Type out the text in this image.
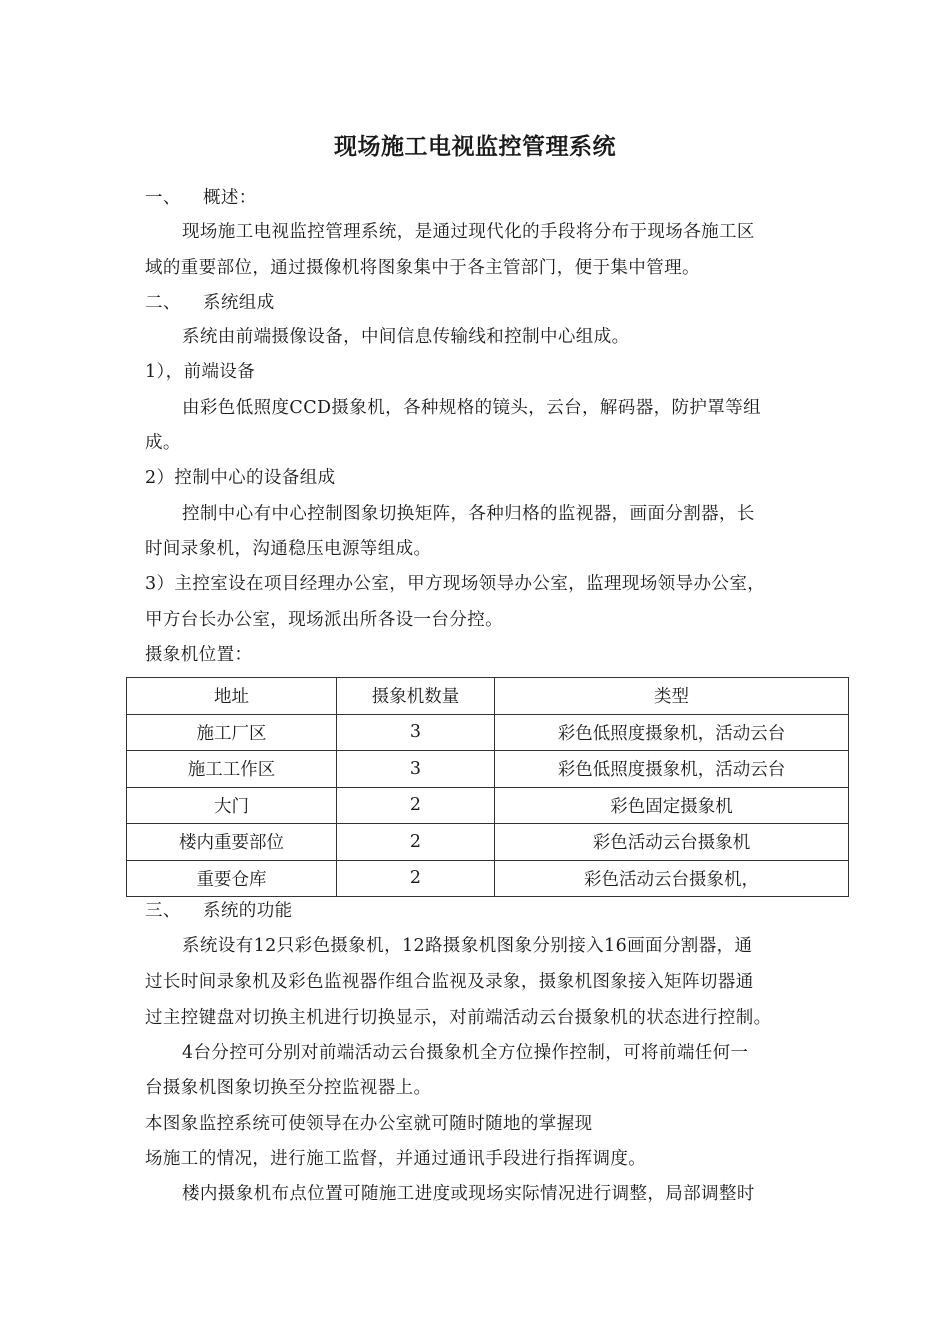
现场施工电视监控管理系统
一、 概述：
现场施工电视监控管理系统，是通过现代化的手段将分布于现场各施工区
域的重要部位，通过摄像机将图象集中于各主管部门，便于集中管理。
二、 系统组成
系统由前端摄像设备，中间信息传输线和控制中心组成。
1），前端设备
由彩色低照度CCD摄象机，各种规格的镜头，云台，解码器，防护罩等组
成。
2）控制中心的设备组成
控制中心有中心控制图象切换矩阵，各种归格的监视器，画面分割器，长
时间录象机，沟通稳压电源等组成。
3）主控室设在项目经理办公室，甲方现场领导办公室，监理现场领导办公室，
甲方台长办公室，现场派出所各设一台分控。
摄象机位置：
地址	摄象机数量	类型
施工厂区	3	彩色低照度摄象机，活动云台
施工工作区	3	彩色低照度摄象机，活动云台
大门	2	彩色固定摄象机
楼内重要部位	2	彩色活动云台摄象机
重要仓库	2	彩色活动云台摄象机，
三、 系统的功能
系统设有12只彩色摄象机，12路摄象机图象分别接入16画面分割器，通
过长时间录象机及彩色监视器作组合监视及录象，摄象机图象接入矩阵切器通
过主控键盘对切换主机进行切换显示，对前端活动云台摄象机的状态进行控制。
4台分控可分别对前端活动云台摄象机全方位操作控制，可将前端任何一
台摄象机图象切换至分控监视器上。
本图象监控系统可使领导在办公室就可随时随地的掌握现
场施工的情况，进行施工监督，并通过通讯手段进行指挥调度。
楼内摄象机布点位置可随施工进度或现场实际情况进行调整，局部调整时
